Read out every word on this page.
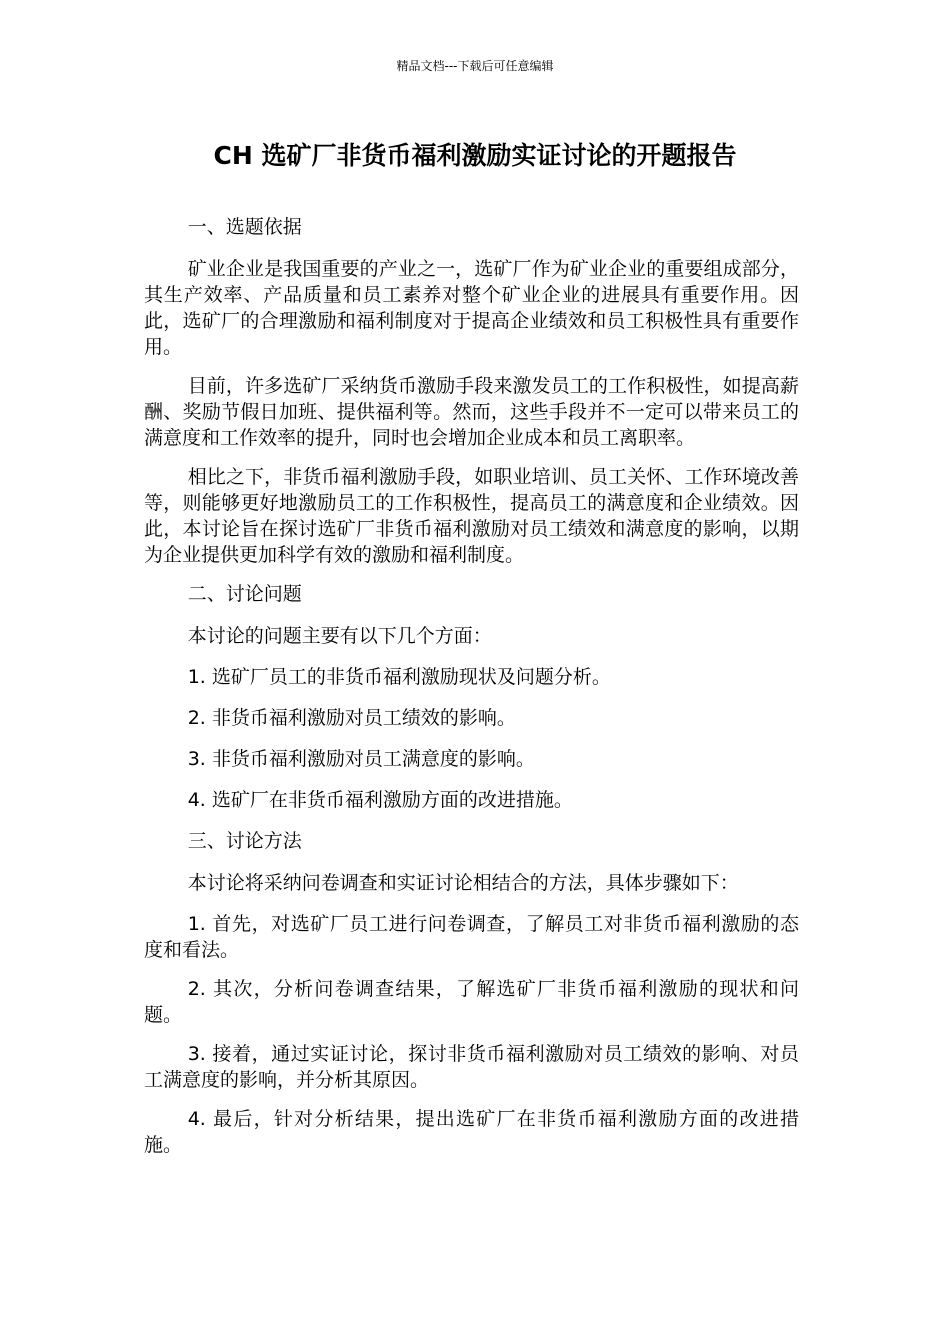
精品文档---下载后可任意编辑
CH 选矿厂非货币福利激励实证讨论的开题报告

一、选题依据

矿业企业是我国重要的产业之一，选矿厂作为矿业企业的重要组成部分，其生产效率、产品质量和员工素养对整个矿业企业的进展具有重要作用。因此，选矿厂的合理激励和福利制度对于提高企业绩效和员工积极性具有重要作用。

目前，许多选矿厂采纳货币激励手段来激发员工的工作积极性，如提高薪酬、奖励节假日加班、提供福利等。然而，这些手段并不一定可以带来员工的满意度和工作效率的提升，同时也会增加企业成本和员工离职率。

相比之下，非货币福利激励手段，如职业培训、员工关怀、工作环境改善等，则能够更好地激励员工的工作积极性，提高员工的满意度和企业绩效。因此，本讨论旨在探讨选矿厂非货币福利激励对员工绩效和满意度的影响，以期为企业提供更加科学有效的激励和福利制度。

二、讨论问题

本讨论的问题主要有以下几个方面：

1. 选矿厂员工的非货币福利激励现状及问题分析。

2. 非货币福利激励对员工绩效的影响。

3. 非货币福利激励对员工满意度的影响。

4. 选矿厂在非货币福利激励方面的改进措施。

三、讨论方法

本讨论将采纳问卷调查和实证讨论相结合的方法，具体步骤如下：

1. 首先，对选矿厂员工进行问卷调查，了解员工对非货币福利激励的态度和看法。

2. 其次，分析问卷调查结果，了解选矿厂非货币福利激励的现状和问题。

3. 接着，通过实证讨论，探讨非货币福利激励对员工绩效的影响、对员工满意度的影响，并分析其原因。

4. 最后，针对分析结果，提出选矿厂在非货币福利激励方面的改进措施。
